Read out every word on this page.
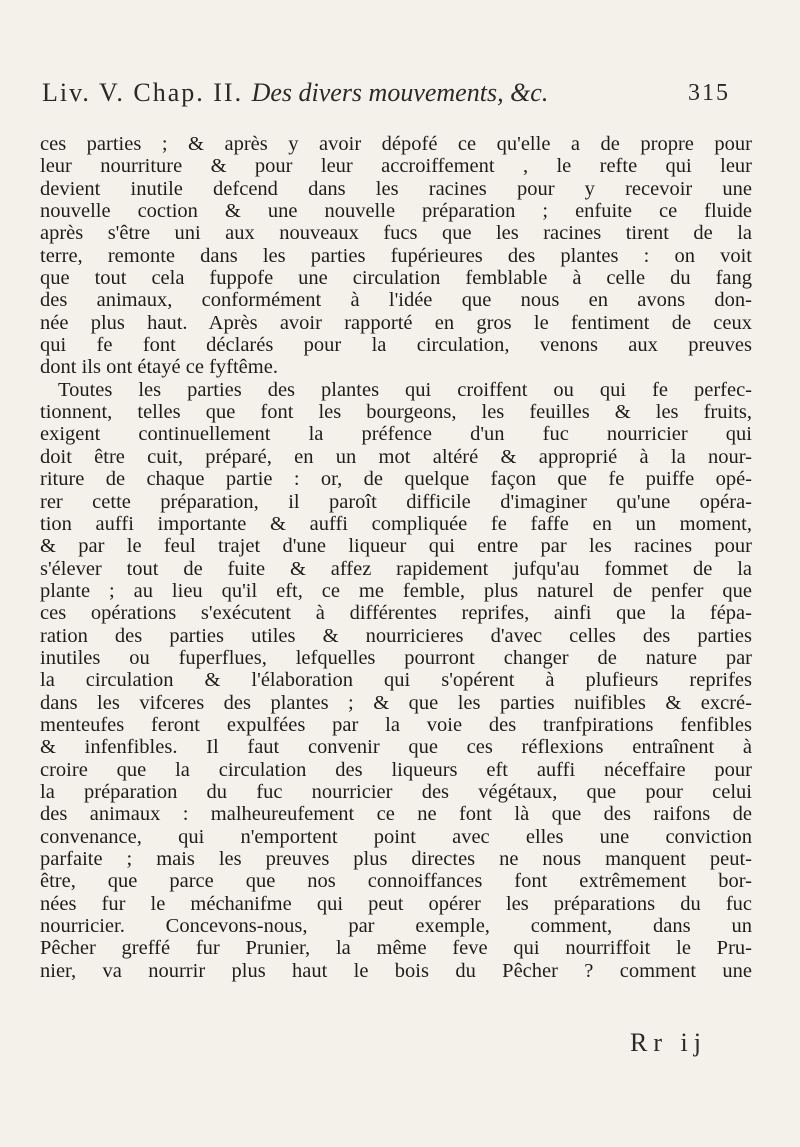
Liv. V. Chap. II. Des divers mouvements, &c.	315
ces parties ; & après y avoir dépofé ce qu'elle a de propre pour
leur nourriture & pour leur accroiffement , le refte qui leur
devient inutile defcend dans les racines pour y recevoir une
nouvelle coction & une nouvelle préparation ; enfuite ce fluide
après s'être uni aux nouveaux fucs que les racines tirent de la
terre, remonte dans les parties fupérieures des plantes : on voit
que tout cela fuppofe une circulation femblable à celle du fang
des animaux, conformément à l'idée que nous en avons don-
née plus haut. Après avoir rapporté en gros le fentiment de ceux
qui fe font déclarés pour la circulation, venons aux preuves
dont ils ont étayé ce fyftême.
Toutes les parties des plantes qui croiffent ou qui fe perfec-
tionnent, telles que font les bourgeons, les feuilles & les fruits,
exigent continuellement la préfence d'un fuc nourricier qui
doit être cuit, préparé, en un mot altéré & approprié à la nour-
riture de chaque partie : or, de quelque façon que fe puiffe opé-
rer cette préparation, il paroît difficile d'imaginer qu'une opéra-
tion auffi importante & auffi compliquée fe faffe en un moment,
& par le feul trajet d'une liqueur qui entre par les racines pour
s'élever tout de fuite & affez rapidement jufqu'au fommet de la
plante ; au lieu qu'il eft, ce me femble, plus naturel de penfer que
ces opérations s'exécutent à différentes reprifes, ainfi que la fépa-
ration des parties utiles & nourricieres d'avec celles des parties
inutiles ou fuperflues, lefquelles pourront changer de nature par
la circulation & l'élaboration qui s'opérent à plufieurs reprifes
dans les vifceres des plantes ; & que les parties nuifibles & excré-
menteufes feront expulfées par la voie des tranfpirations fenfibles
& infenfibles. Il faut convenir que ces réflexions entraînent à
croire que la circulation des liqueurs eft auffi néceffaire pour
la préparation du fuc nourricier des végétaux, que pour celui
des animaux : malheureufement ce ne font là que des raifons de
convenance, qui n'emportent point avec elles une conviction
parfaite ; mais les preuves plus directes ne nous manquent peut-
être, que parce que nos connoiffances font extrêmement bor-
nées fur le méchanifme qui peut opérer les préparations du fuc
nourricier. Concevons-nous, par exemple, comment, dans un
Pêcher greffé fur Prunier, la même feve qui nourriffoit le Pru-
nier, va nourrir plus haut le bois du Pêcher ? comment une
Rr ij
